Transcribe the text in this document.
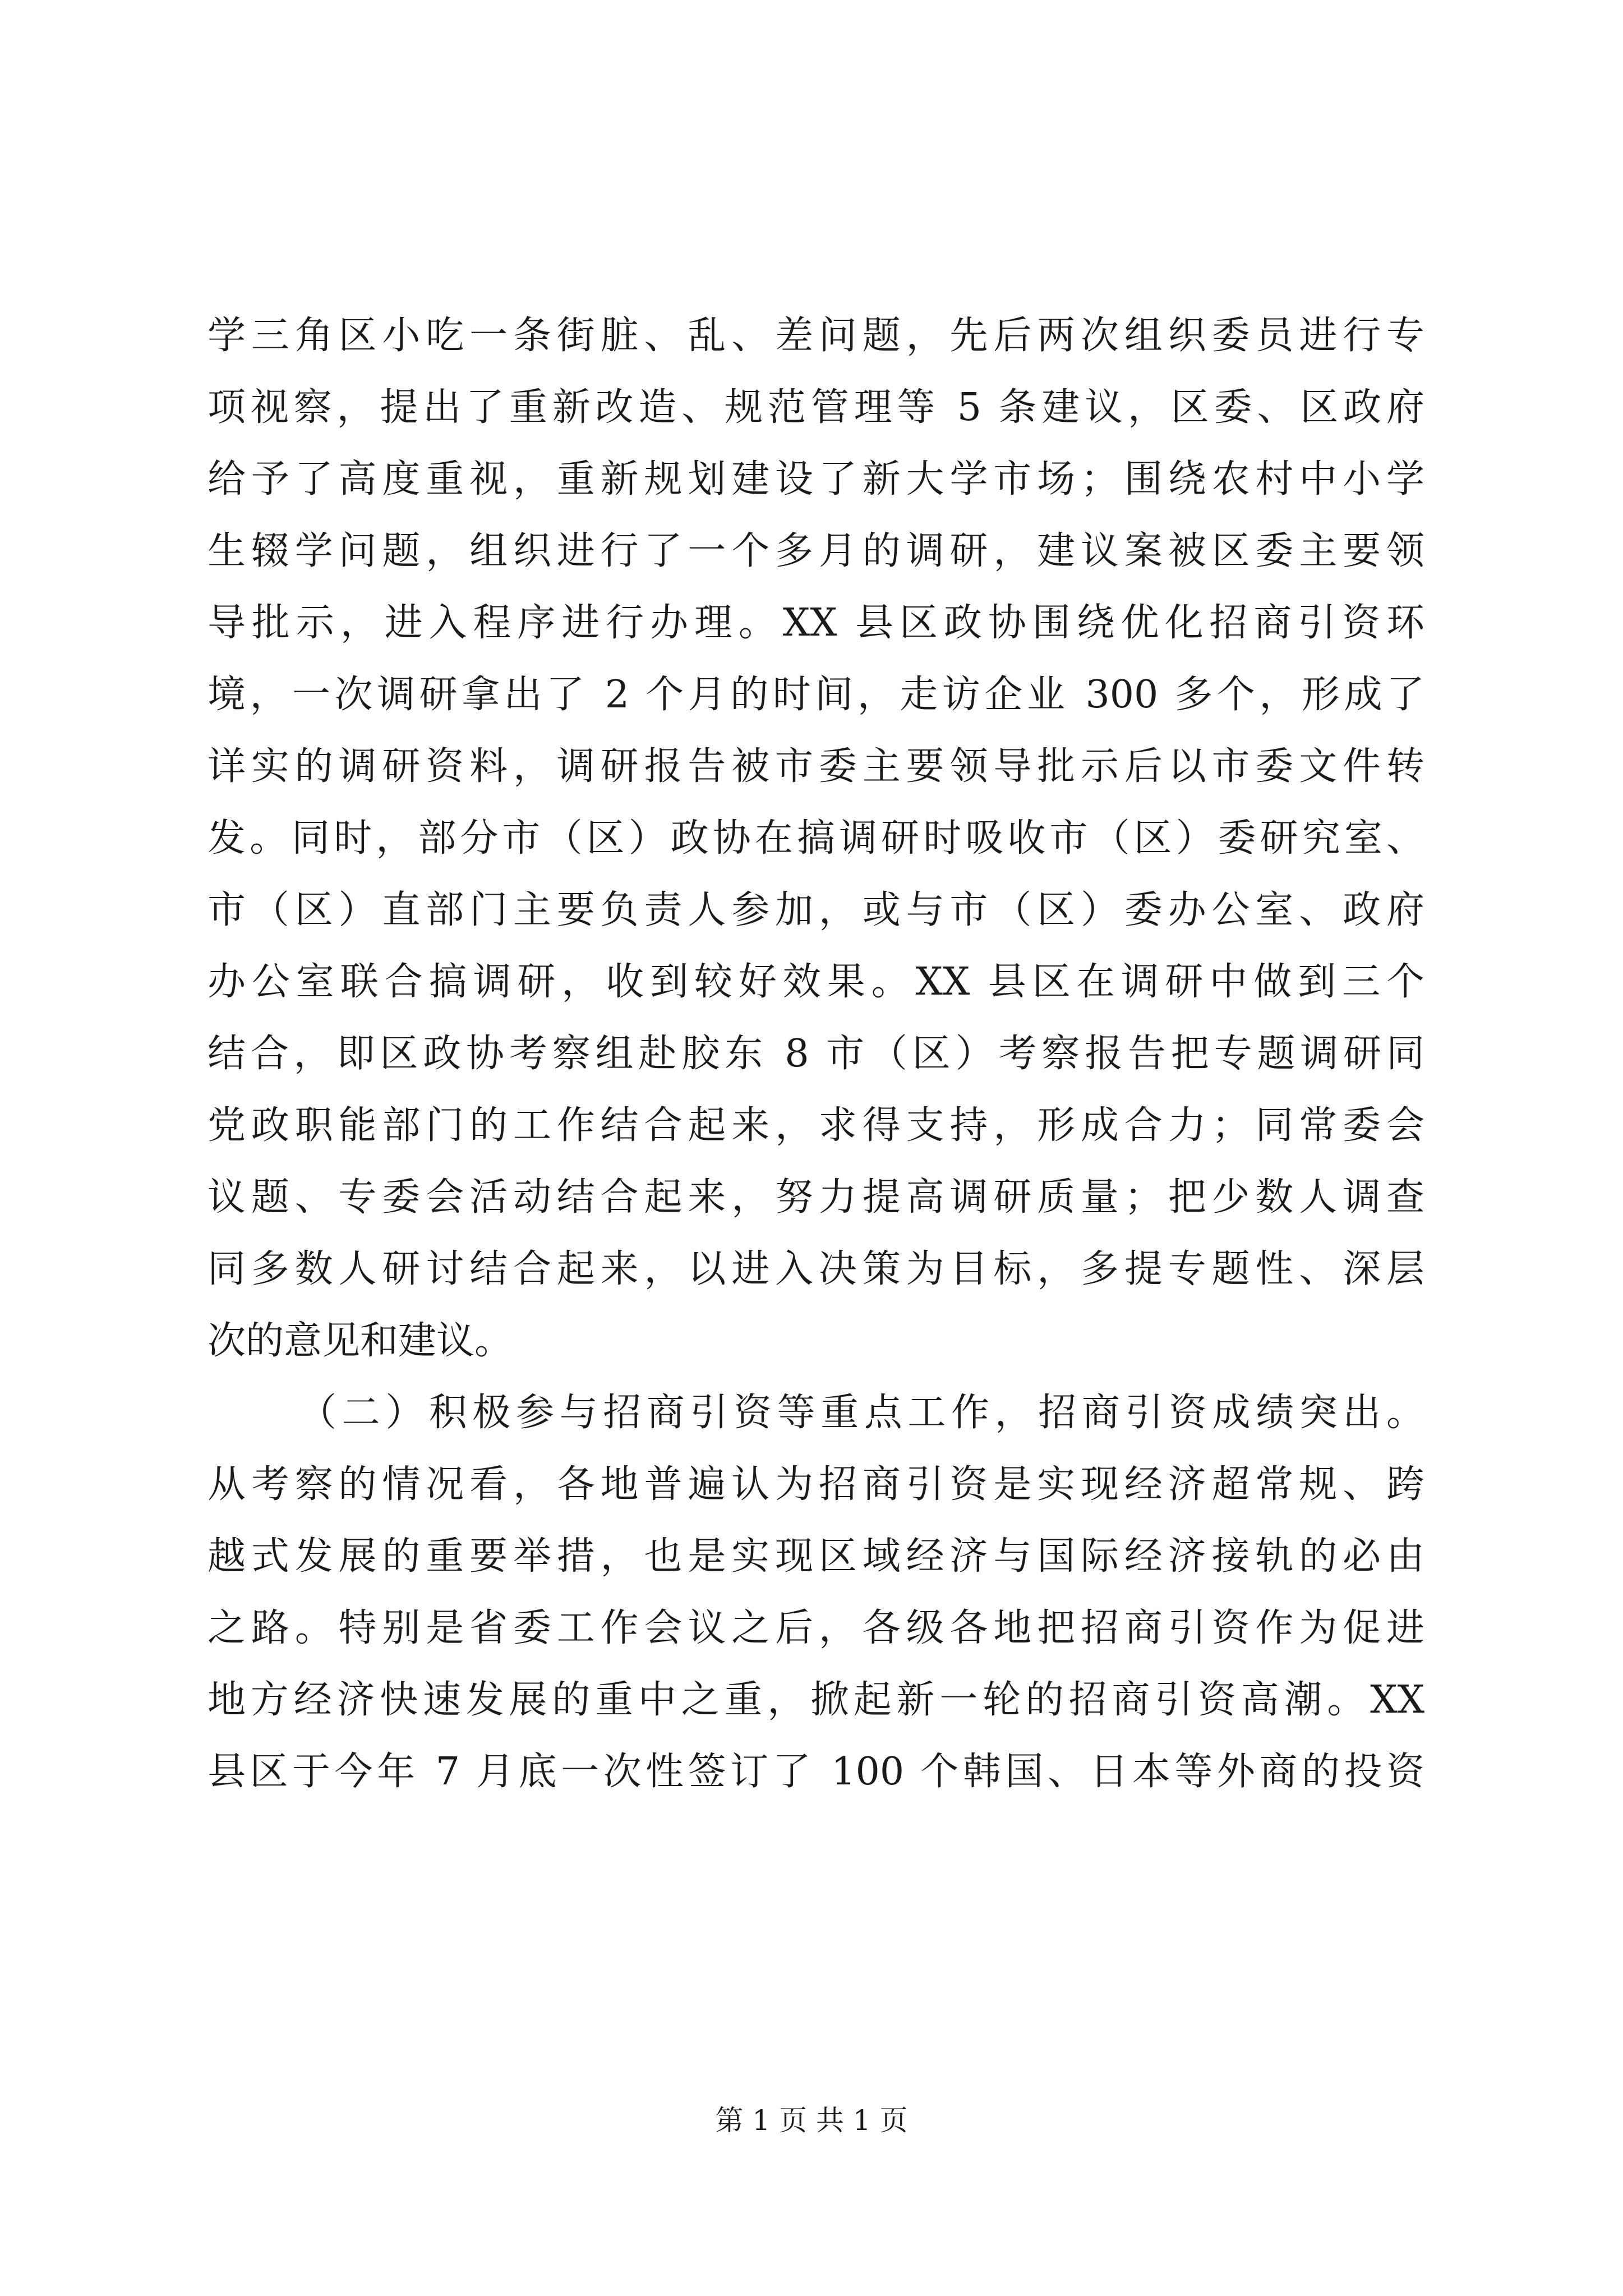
学三角区小吃一条街脏、乱、差问题，先后两次组织委员进行专
项视察，提出了重新改造、规范管理等 5 条建议，区委、区政府
给予了高度重视，重新规划建设了新大学市场；围绕农村中小学
生辍学问题，组织进行了一个多月的调研，建议案被区委主要领
导批示，进入程序进行办理。XX 县区政协围绕优化招商引资环
境，一次调研拿出了 2 个月的时间，走访企业 300 多个，形成了
详实的调研资料，调研报告被市委主要领导批示后以市委文件转
发。同时，部分市（区）政协在搞调研时吸收市（区）委研究室、
市（区）直部门主要负责人参加，或与市（区）委办公室、政府
办公室联合搞调研，收到较好效果。XX 县区在调研中做到三个
结合，即区政协考察组赴胶东 8 市（区）考察报告把专题调研同
党政职能部门的工作结合起来，求得支持，形成合力；同常委会
议题、专委会活动结合起来，努力提高调研质量；把少数人调查
同多数人研讨结合起来，以进入决策为目标，多提专题性、深层
次的意见和建议。
（二）积极参与招商引资等重点工作，招商引资成绩突出。
从考察的情况看，各地普遍认为招商引资是实现经济超常规、跨
越式发展的重要举措，也是实现区域经济与国际经济接轨的必由
之路。特别是省委工作会议之后，各级各地把招商引资作为促进
地方经济快速发展的重中之重，掀起新一轮的招商引资高潮。XX
县区于今年 7 月底一次性签订了 100 个韩国、日本等外商的投资
第 1 页 共 1 页
